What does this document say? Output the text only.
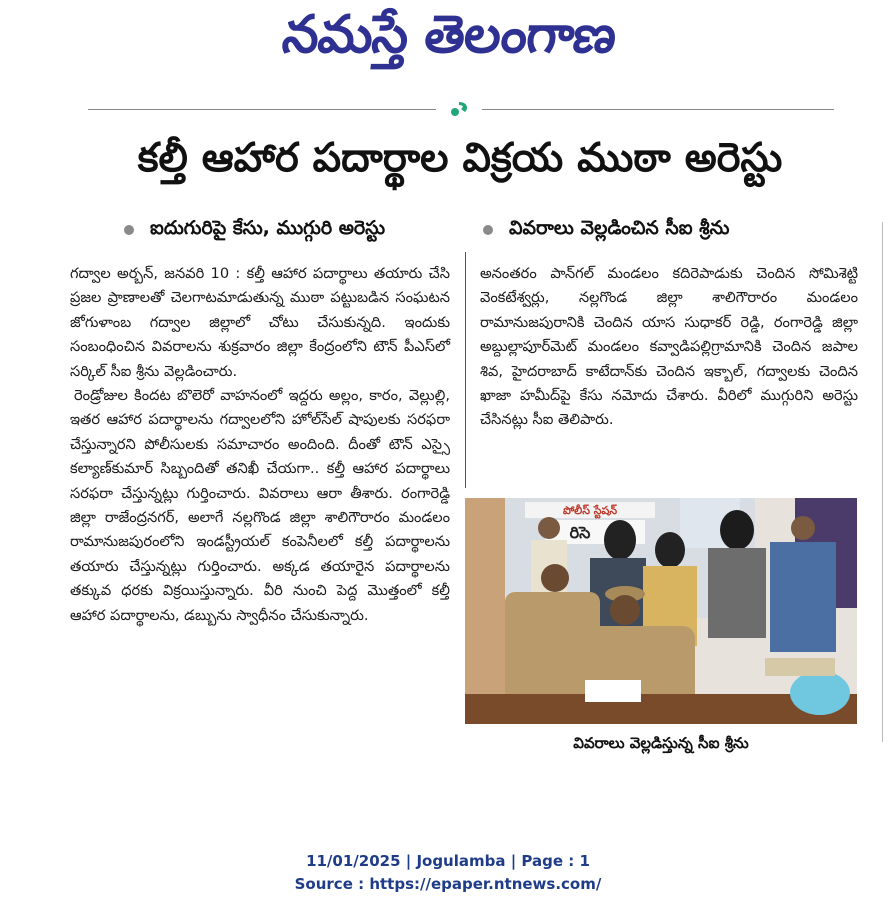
నమస్తే తెలంగాణ
కల్తీ ఆహార పదార్థాల విక్రయ ముఠా అరెస్టు
ఐదుగురిపై కేసు, ముగ్గురి అరెస్టు	వివరాలు వెల్లడించిన సీఐ శ్రీను

గద్వాల అర్బన్, జనవరి 10 : కల్తీ ఆహార పదార్థాలు తయారు చేసి ప్రజల ప్రాణాలతో చెలగాటమాడుతున్న ముఠా పట్టుబడిన సంఘటన జోగుళాంబ గద్వాల జిల్లాలో చోటు చేసుకున్నది. ఇందుకు సంబంధించిన వివరాలను శుక్రవారం జిల్లా కేంద్రంలోని టౌన్ పీఎస్‌లో సర్కిల్ సీఐ శ్రీను వెల్లడించారు.

రెండ్రోజుల కిందట బొలెరో వాహనంలో ఇద్దరు అల్లం, కారం, వెల్లుల్లి, ఇతర ఆహార పదార్థాలను గద్వాలలోని హోల్‌సేల్ షాపులకు సరఫరా చేస్తున్నారని పోలీసులకు సమాచారం అందింది. దీంతో టౌన్ ఎస్సై కల్యాణ్‌కుమార్ సిబ్బందితో తనిఖీ చేయగా.. కల్తీ ఆహార పదార్థాలు సరఫరా చేస్తున్నట్లు గుర్తించారు. వివరాలు ఆరా తీశారు. రంగారెడ్డి జిల్లా రాజేంద్రనగర్, అలాగే నల్లగొండ జిల్లా శాలిగౌరారం మండలం రామానుజపురంలోని ఇండస్ట్రీయల్ కంపెనీలలో కల్తీ పదార్థాలను తయారు చేస్తున్నట్లు గుర్తించారు. అక్కడ తయారైన పదార్థాలను తక్కువ ధరకు విక్రయిస్తున్నారు. వీరి నుంచి పెద్ద మొత్తంలో కల్తీ ఆహార పదార్థాలను, డబ్బును స్వాధీనం చేసుకున్నారు.

అనంతరం పాన్‌గల్ మండలం కదిరెపాడుకు చెందిన సోమిశెట్టి వెంకటేశ్వర్లు, నల్లగొండ జిల్లా శాలిగౌరారం మండలం రామానుజపురానికి చెందిన యాస సుధాకర్ రెడ్డి, రంగారెడ్డి జిల్లా అబ్దుల్లాపూర్‌మెట్ మండలం కవ్వాడిపల్లిగ్రామానికి చెందిన జపాల శివ, హైదరాబాద్ కాటేదాన్‌కు చెందిన ఇక్బాల్, గద్వాలకు చెందిన ఖాజా హమీద్‌పై కేసు నమోదు చేశారు. వీరిలో ముగ్గురిని అరెస్టు చేసినట్లు సీఐ తెలిపారు.

పోలీస్ స్టేషన్
రిసె
వివరాలు వెల్లడిస్తున్న సీఐ శ్రీను
11/01/2025 | Jogulamba | Page : 1
Source : https://epaper.ntnews.com/
